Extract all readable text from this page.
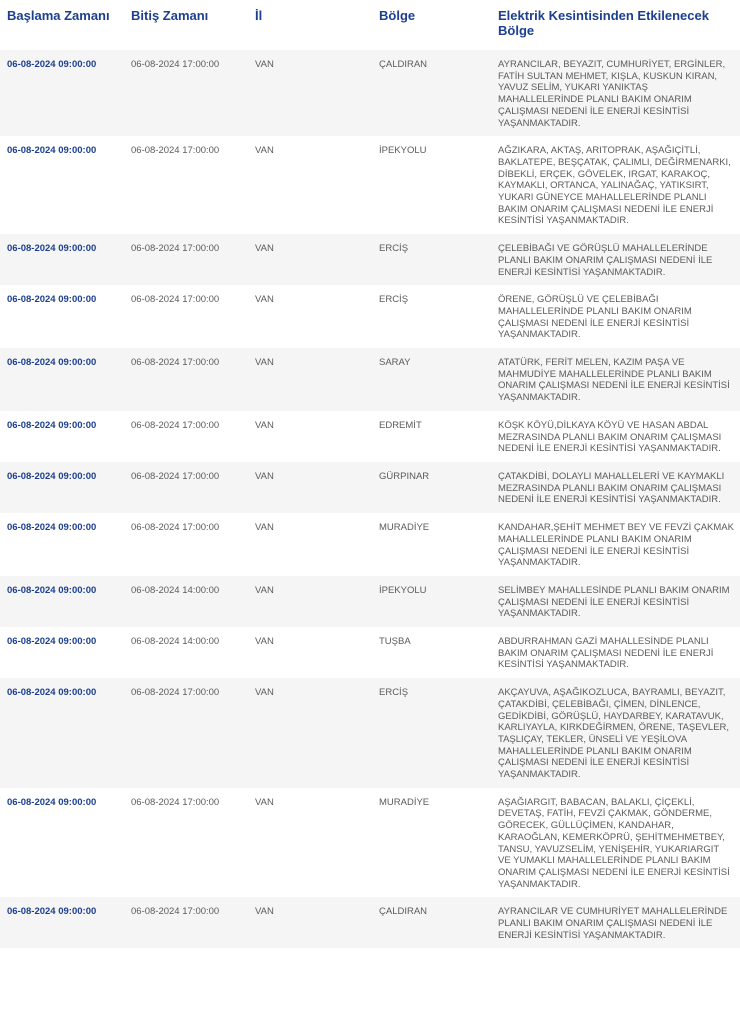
Başlama Zamanı	Bitiş Zamanı	İl	Bölge	Elektrik Kesintisinden Etkilenecek Bölge
06-08-2024 09:00:00	06-08-2024 17:00:00	VAN	ÇALDIRAN	AYRANCILAR, BEYAZIT, CUMHURİYET, ERGİNLER, FATİH SULTAN MEHMET, KIŞLA, KUSKUN KIRAN, YAVUZ SELİM, YUKARI YANIKTAŞ MAHALLELERİNDE PLANLI BAKIM ONARIM ÇALIŞMASI NEDENİ İLE ENERJİ KESİNTİSİ YAŞANMAKTADIR.
06-08-2024 09:00:00	06-08-2024 17:00:00	VAN	İPEKYOLU	AĞZIKARA, AKTAŞ, ARITOPRAK, AŞAĞIÇİTLİ, BAKLATEPE, BEŞÇATAK, ÇALIMLI, DEĞİRMENARKI, DİBEKLİ, ERÇEK, GÖVELEK, IRGAT, KARAKOÇ, KAYMAKLI, ORTANCA, YALINAĞAÇ, YATIKSIRT, YUKARI GÜNEYCE MAHALLELERİNDE PLANLI BAKIM ONARIM ÇALIŞMASI NEDENİ İLE ENERJİ KESİNTİSİ YAŞANMAKTADIR.
06-08-2024 09:00:00	06-08-2024 17:00:00	VAN	ERCİŞ	ÇELEBİBAĞI VE GÖRÜŞLÜ MAHALLELERİNDE PLANLI BAKIM ONARIM ÇALIŞMASI NEDENİ İLE ENERJİ KESİNTİSİ YAŞANMAKTADIR.
06-08-2024 09:00:00	06-08-2024 17:00:00	VAN	ERCİŞ	ÖRENE, GÖRÜŞLÜ VE ÇELEBİBAĞI MAHALLELERİNDE PLANLI BAKIM ONARIM ÇALIŞMASI NEDENİ İLE ENERJİ KESİNTİSİ YAŞANMAKTADIR.
06-08-2024 09:00:00	06-08-2024 17:00:00	VAN	SARAY	ATATÜRK, FERİT MELEN, KAZIM PAŞA VE MAHMUDİYE MAHALLELERİNDE PLANLI BAKIM ONARIM ÇALIŞMASI NEDENİ İLE ENERJİ KESİNTİSİ YAŞANMAKTADIR.
06-08-2024 09:00:00	06-08-2024 17:00:00	VAN	EDREMİT	KÖŞK KÖYÜ,DİLKAYA KÖYÜ VE HASAN ABDAL MEZRASINDA PLANLI BAKIM ONARIM ÇALIŞMASI NEDENİ İLE ENERJİ KESİNTİSİ YAŞANMAKTADIR.
06-08-2024 09:00:00	06-08-2024 17:00:00	VAN	GÜRPINAR	ÇATAKDİBİ, DOLAYLI MAHALLELERİ VE KAYMAKLI MEZRASINDA PLANLI BAKIM ONARIM ÇALIŞMASI NEDENİ İLE ENERJİ KESİNTİSİ YAŞANMAKTADIR.
06-08-2024 09:00:00	06-08-2024 17:00:00	VAN	MURADİYE	KANDAHAR,ŞEHİT MEHMET BEY VE FEVZİ ÇAKMAK MAHALLELERİNDE PLANLI BAKIM ONARIM ÇALIŞMASI NEDENİ İLE ENERJİ KESİNTİSİ YAŞANMAKTADIR.
06-08-2024 09:00:00	06-08-2024 14:00:00	VAN	İPEKYOLU	SELİMBEY MAHALLESİNDE PLANLI BAKIM ONARIM ÇALIŞMASI NEDENİ İLE ENERJİ KESİNTİSİ YAŞANMAKTADIR.
06-08-2024 09:00:00	06-08-2024 14:00:00	VAN	TUŞBA	ABDURRAHMAN GAZİ MAHALLESİNDE PLANLI BAKIM ONARIM ÇALIŞMASI NEDENİ İLE ENERJİ KESİNTİSİ YAŞANMAKTADIR.
06-08-2024 09:00:00	06-08-2024 17:00:00	VAN	ERCİŞ	AKÇAYUVA, AŞAĞIKOZLUCA, BAYRAMLI, BEYAZIT, ÇATAKDİBİ, ÇELEBİBAĞI, ÇİMEN, DİNLENCE, GEDİKDİBİ, GÖRÜŞLÜ, HAYDARBEY, KARATAVUK, KARLIYAYLA, KIRKDEĞİRMEN, ÖRENE, TAŞEVLER, TAŞLIÇAY, TEKLER, ÜNSELİ VE YEŞİLOVA MAHALLELERİNDE PLANLI BAKIM ONARIM ÇALIŞMASI NEDENİ İLE ENERJİ KESİNTİSİ YAŞANMAKTADIR.
06-08-2024 09:00:00	06-08-2024 17:00:00	VAN	MURADİYE	AŞAĞIARGIT, BABACAN, BALAKLI, ÇİÇEKLİ, DEVETAŞ, FATİH, FEVZİ ÇAKMAK, GÖNDERME, GÖRECEK, GÜLLÜÇİMEN, KANDAHAR, KARAOĞLAN, KEMERKÖPRÜ, ŞEHİTMEHMETBEY, TANSU, YAVUZSELİM, YENİŞEHİR, YUKARIARGIT VE YUMAKLI MAHALLELERİNDE PLANLI BAKIM ONARIM ÇALIŞMASI NEDENİ İLE ENERJİ KESİNTİSİ YAŞANMAKTADIR.
06-08-2024 09:00:00	06-08-2024 17:00:00	VAN	ÇALDIRAN	AYRANCILAR VE CUMHURİYET MAHALLELERİNDE PLANLI BAKIM ONARIM ÇALIŞMASI NEDENİ İLE ENERJİ KESİNTİSİ YAŞANMAKTADIR.
